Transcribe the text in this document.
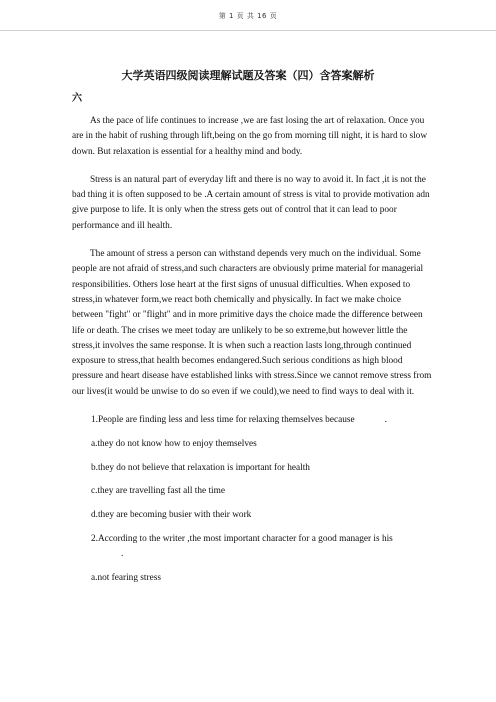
第 1 页 共 16 页
大学英语四级阅读理解试题及答案（四）含答案解析
六

As the pace of life continues to increase ,we are fast losing the art of relaxation. Once you are in the habit of rushing through lift,being on the go from morning till night, it is hard to slow down. But relaxation is essential for a healthy mind and body.

Stress is an natural part of everyday lift and there is no way to avoid it. In fact ,it is not the bad thing it is often supposed to be .A certain amount of stress is vital to provide motivation adn give purpose to life. It is only when the stress gets out of control that it can lead to poor performance and ill health.

The amount of stress a person can withstand depends very much on the individual. Some people are not afraid of stress,and such characters are obviously prime material for managerial responsibilities. Others lose heart at the first signs of unusual difficulties. When exposed to stress,in whatever form,we react both chemically and physically. In fact we make choice between "fight" or "flight" and in more primitive days the choice made the difference between life or death. The crises we meet today are unlikely to be so extreme,but however little the stress,it involves the same response. It is when such a reaction lasts long,through continued exposure to stress,that health becomes endangered.Such serious conditions as high blood pressure and heart disease have established links with stress.Since we cannot remove stress from our lives(it would be unwise to do so even if we could),we need to find ways to deal with it.

1.People are finding less and less time for relaxing themselves because	.

a.they do not know how to enjoy themselves

b.they do not believe that relaxation is important for health

c.they are travelling fast all the time

d.they are becoming busier with their work

2.According to the writer ,the most important character for a good manager is his
.

a.not fearing stress
